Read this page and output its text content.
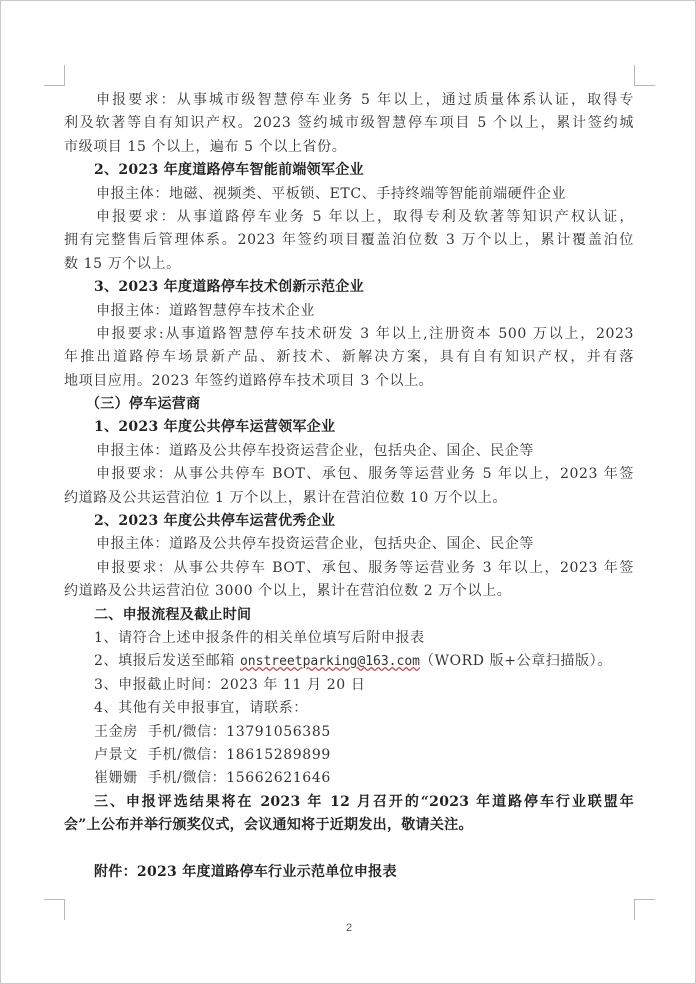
申报要求：从事城市级智慧停车业务 5 年以上，通过质量体系认证，取得专
利及软著等自有知识产权。2023 签约城市级智慧停车项目 5 个以上，累计签约城
市级项目 15 个以上，遍布 5 个以上省份。
2、2023 年度道路停车智能前端领军企业
申报主体：地磁、视频类、平板锁、ETC、手持终端等智能前端硬件企业
申报要求：从事道路停车业务 5 年以上，取得专利及软著等知识产权认证，
拥有完整售后管理体系。2023 年签约项目覆盖泊位数 3 万个以上，累计覆盖泊位
数 15 万个以上。
3、2023 年度道路停车技术创新示范企业
申报主体：道路智慧停车技术企业
申报要求:从事道路智慧停车技术研发 3 年以上,注册资本 500 万以上，2023
年推出道路停车场景新产品、新技术、新解决方案，具有自有知识产权，并有落
地项目应用。2023 年签约道路停车技术项目 3 个以上。
（三）停车运营商
1、2023 年度公共停车运营领军企业
申报主体：道路及公共停车投资运营企业，包括央企、国企、民企等
申报要求：从事公共停车 BOT、承包、服务等运营业务 5 年以上，2023 年签
约道路及公共运营泊位 1 万个以上，累计在营泊位数 10 万个以上。
2、2023 年度公共停车运营优秀企业
申报主体：道路及公共停车投资运营企业，包括央企、国企、民企等
申报要求：从事公共停车 BOT、承包、服务等运营业务 3 年以上，2023 年签
约道路及公共运营泊位 3000 个以上，累计在营泊位数 2 万个以上。
二、申报流程及截止时间
1、请符合上述申报条件的相关单位填写后附申报表
2、填报后发送至邮箱 onstreetparking@163.com（WORD 版+公章扫描版）。
3、申报截止时间：2023 年 11 月 20 日
4、其他有关申报事宜，请联系：
王金房 手机/微信：13791056385
卢景文 手机/微信：18615289899
崔姗姗 手机/微信：15662621646
三、申报评选结果将在 2023 年 12 月召开的“2023 年道路停车行业联盟年
会”上公布并举行颁奖仪式，会议通知将于近期发出，敬请关注。
附件：2023 年度道路停车行业示范单位申报表
2
